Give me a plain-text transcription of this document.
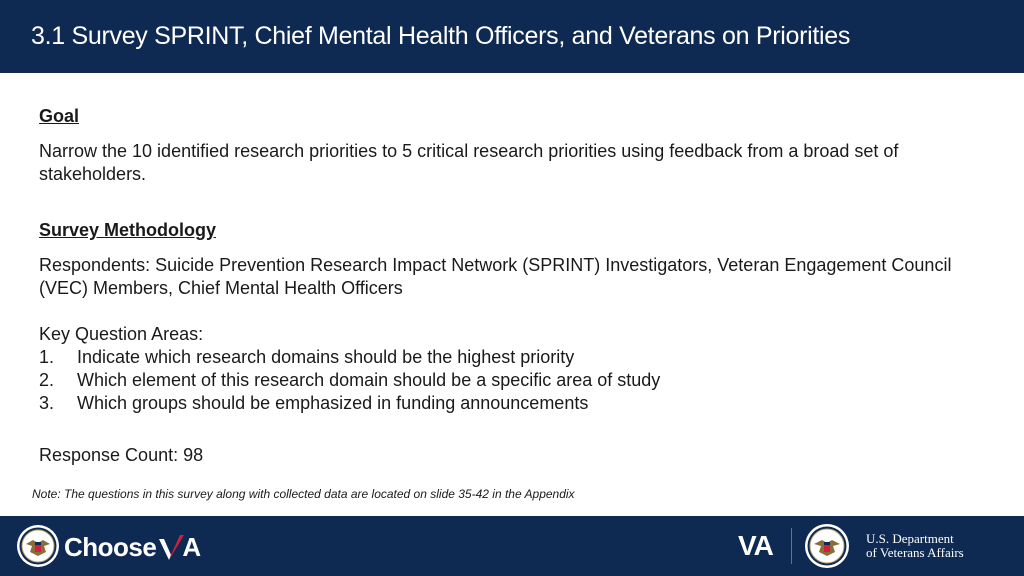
3.1 Survey SPRINT, Chief Mental Health Officers, and Veterans on Priorities
Goal
Narrow the 10 identified research priorities to 5 critical research priorities using feedback from a broad set of stakeholders.
Survey Methodology
Respondents: Suicide Prevention Research Impact Network (SPRINT) Investigators, Veteran Engagement Council (VEC) Members, Chief Mental Health Officers
Key Question Areas:
1.	Indicate which research domains should be the highest priority
2.	Which element of this research domain should be a specific area of study
3.	Which groups should be emphasized in funding announcements
Response Count: 98
Note: The questions in this survey along with collected data are located on slide 35-42 in the Appendix
Choose A	VA	U.S. Department
of Veterans Affairs
